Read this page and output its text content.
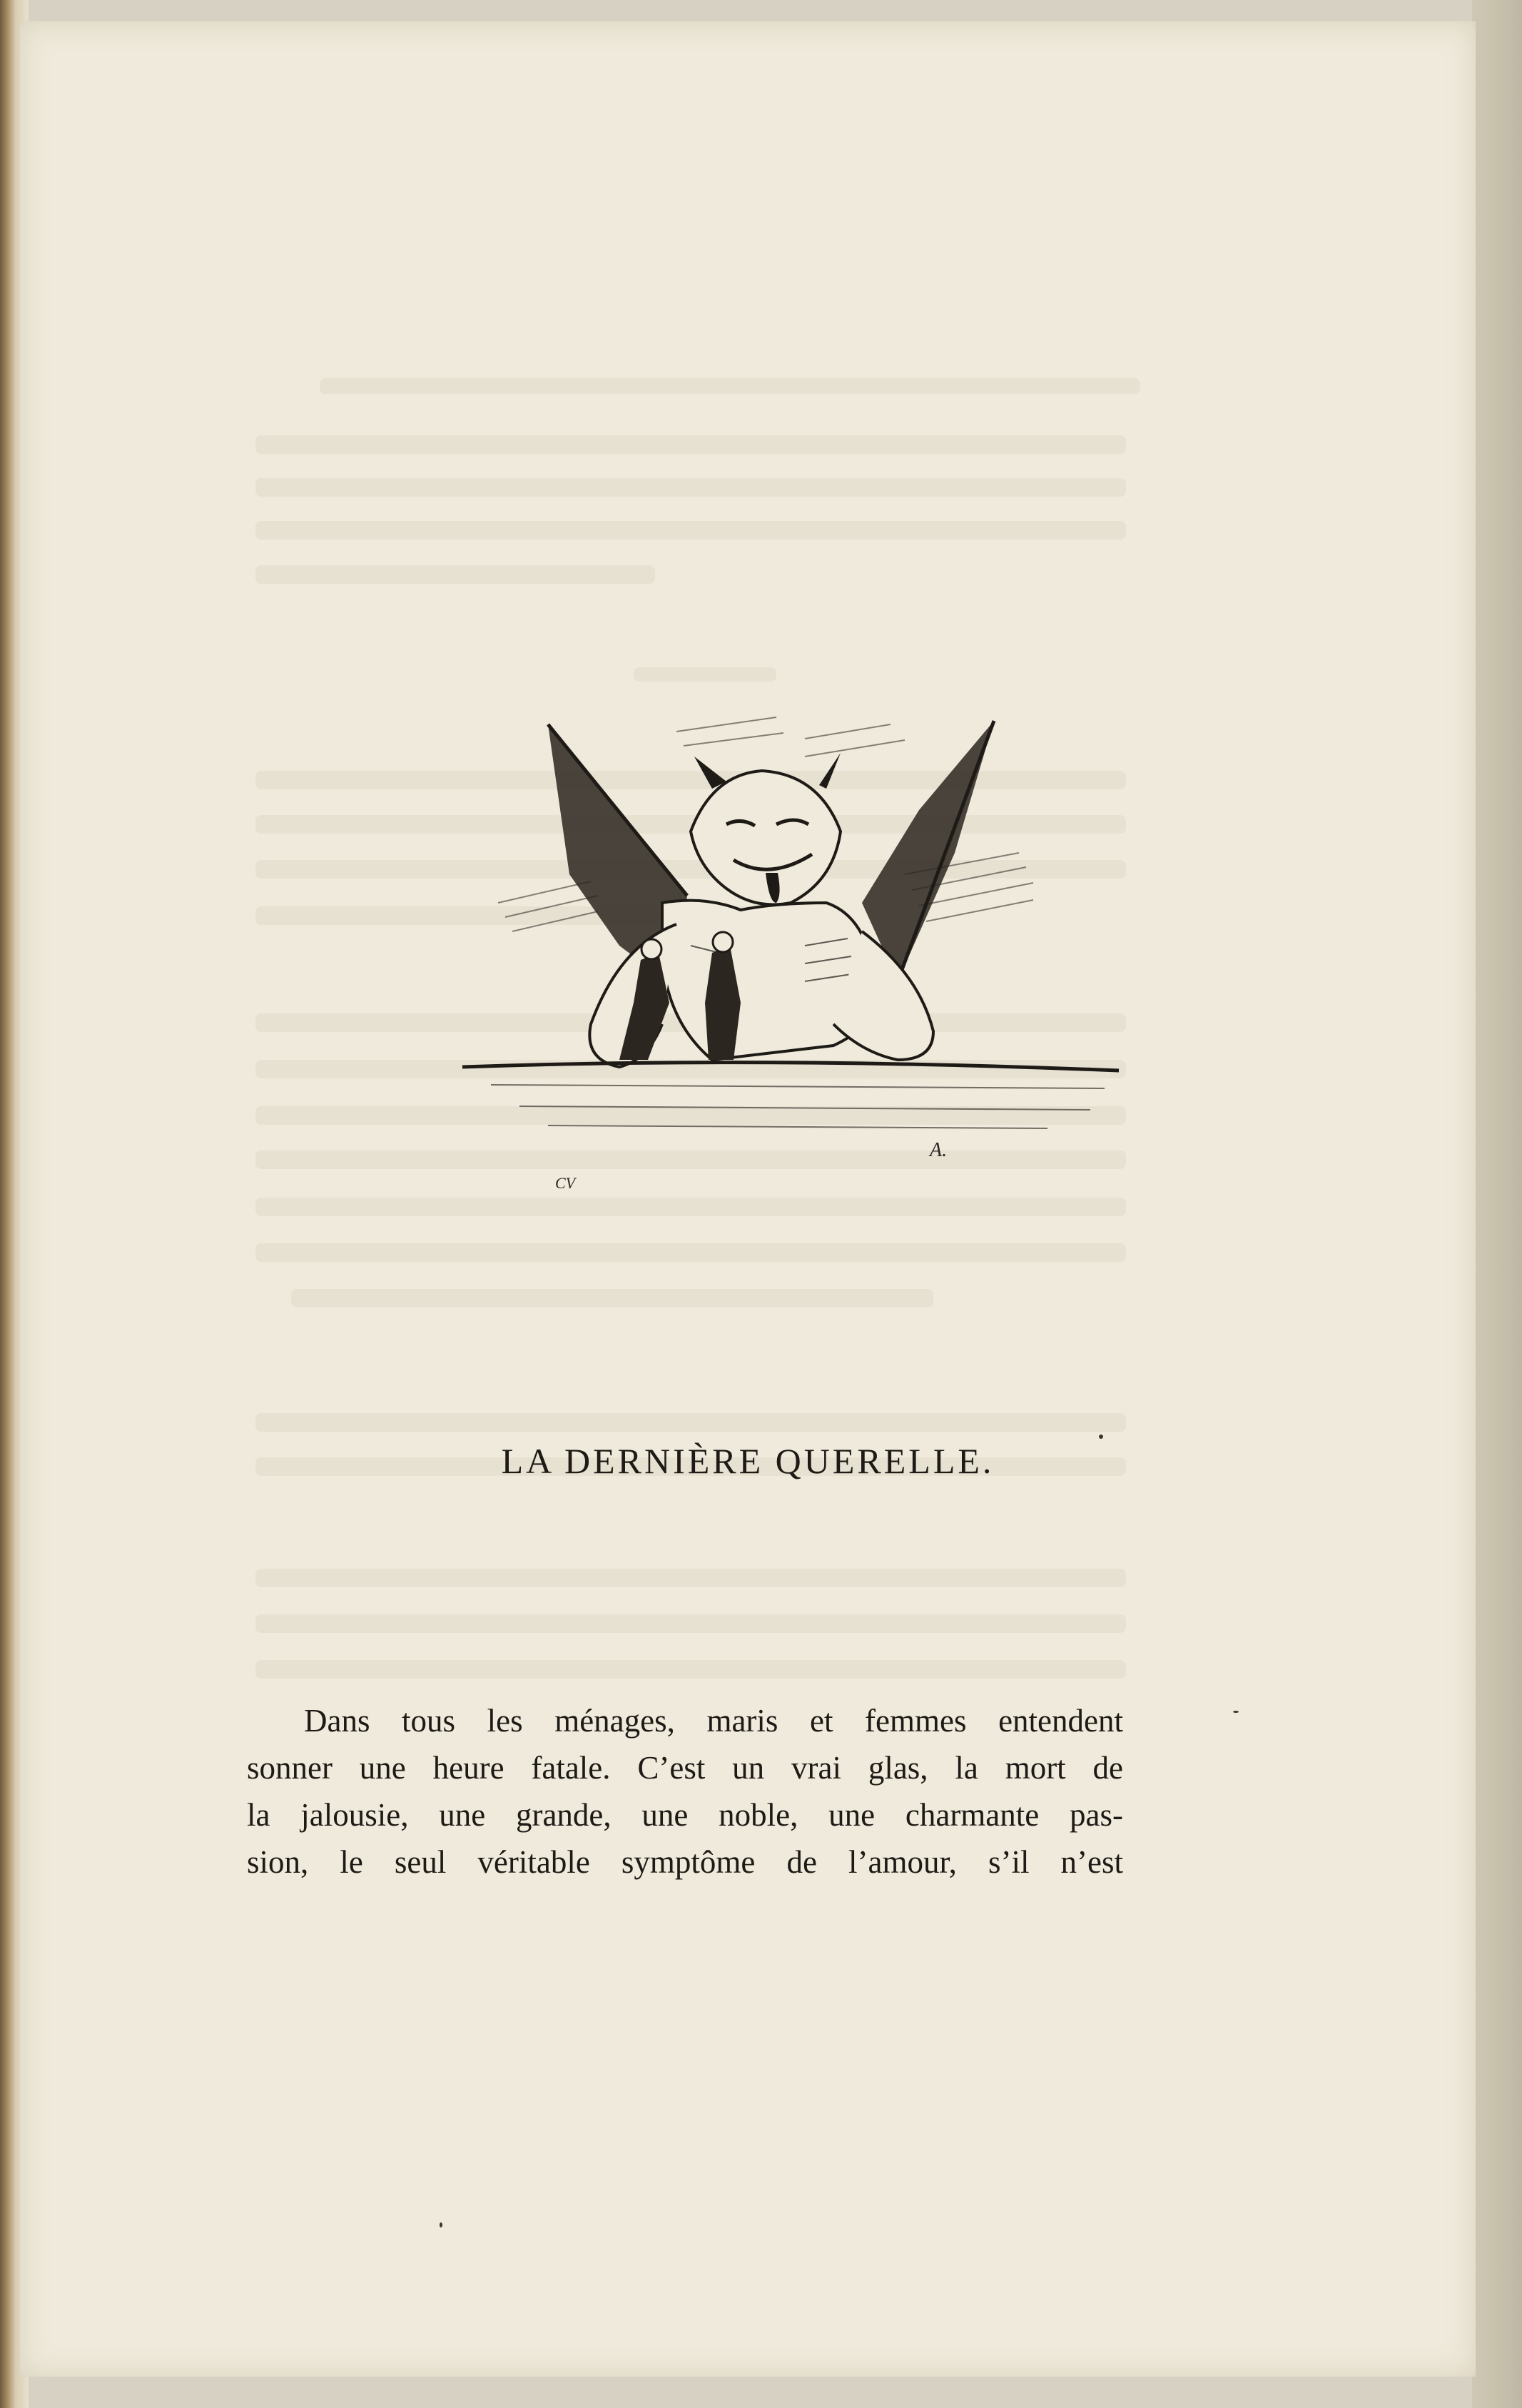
CV
A.
LA DERNIÈRE QUERELLE.
Dans tous les ménages, maris et femmes entendent
sonner une heure fatale. C’est un vrai glas, la mort de
la jalousie, une grande, une noble, une charmante pas-
sion, le seul véritable symptôme de l’amour, s’il n’est
